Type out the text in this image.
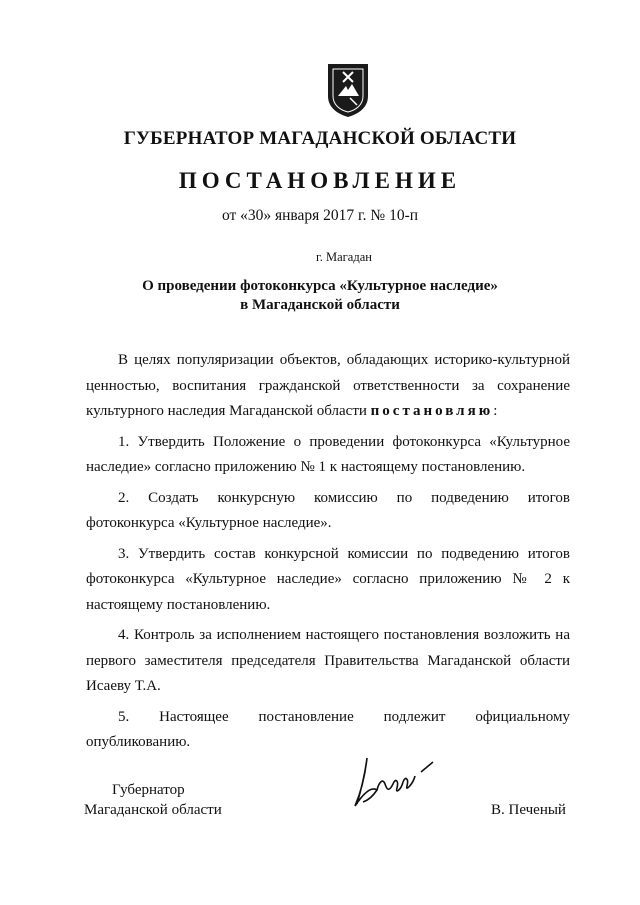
ГУБЕРНАТОР МАГАДАНСКОЙ ОБЛАСТИ
ПОСТАНОВЛЕНИЕ
от «30» января 2017 г. № 10-п
г. Магадан
О проведении фотоконкурса «Культурное наследие»
в Магаданской области

В целях популяризации объектов, обладающих историко-культурной ценностью, воспитания гражданской ответственности за сохранение культурного наследия Магаданской области постановляю:

1. Утвердить Положение о проведении фотоконкурса «Культурное наследие» согласно приложению № 1 к настоящему постановлению.

2. Создать конкурсную комиссию по подведению итогов фотоконкурса «Культурное наследие».

3. Утвердить состав конкурсной комиссии по подведению итогов фотоконкурса «Культурное наследие» согласно приложению № 2 к настоящему постановлению.

4. Контроль за исполнением настоящего постановления возложить на первого заместителя председателя Правительства Магаданской области Исаеву Т.А.

5. Настоящее постановление подлежит официальному опубликованию.

Губернатор
Магаданской области	В. Печеный
